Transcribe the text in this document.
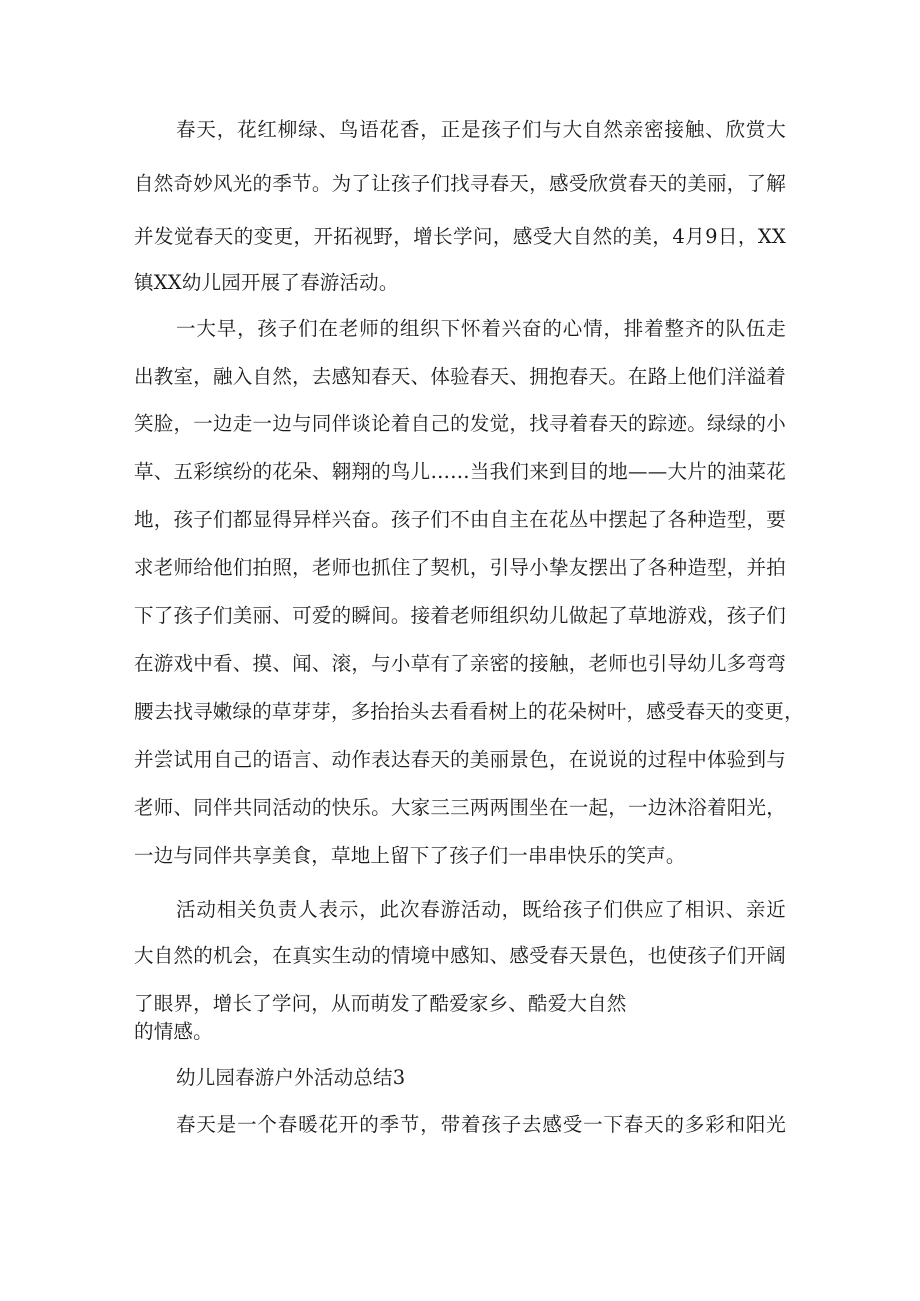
春天，花红柳绿、鸟语花香，正是孩子们与大自然亲密接触、欣赏大
自然奇妙风光的季节。为了让孩子们找寻春天，感受欣赏春天的美丽，了解
并发觉春天的变更，开拓视野，增长学问，感受大自然的美，4月9日，XX
镇XX幼儿园开展了春游活动。
一大早，孩子们在老师的组织下怀着兴奋的心情，排着整齐的队伍走
出教室，融入自然，去感知春天、体验春天、拥抱春天。在路上他们洋溢着
笑脸，一边走一边与同伴谈论着自己的发觉，找寻着春天的踪迹。绿绿的小
草、五彩缤纷的花朵、翱翔的鸟儿……当我们来到目的地——大片的油菜花
地，孩子们都显得异样兴奋。孩子们不由自主在花丛中摆起了各种造型，要
求老师给他们拍照，老师也抓住了契机，引导小挚友摆出了各种造型，并拍
下了孩子们美丽、可爱的瞬间。接着老师组织幼儿做起了草地游戏，孩子们
在游戏中看、摸、闻、滚，与小草有了亲密的接触，老师也引导幼儿多弯弯
腰去找寻嫩绿的草芽芽，多抬抬头去看看树上的花朵树叶，感受春天的变更，
并尝试用自己的语言、动作表达春天的美丽景色，在说说的过程中体验到与
老师、同伴共同活动的快乐。大家三三两两围坐在一起，一边沐浴着阳光，
一边与同伴共享美食，草地上留下了孩子们一串串快乐的笑声。
活动相关负责人表示，此次春游活动，既给孩子们供应了相识、亲近
大自然的机会，在真实生动的情境中感知、感受春天景色，也使孩子们开阔
了眼界，增长了学问，从而萌发了酷爱家乡、酷爱大自然
的情感。
幼儿园春游户外活动总结3
春天是一个春暖花开的季节，带着孩子去感受一下春天的多彩和阳光
